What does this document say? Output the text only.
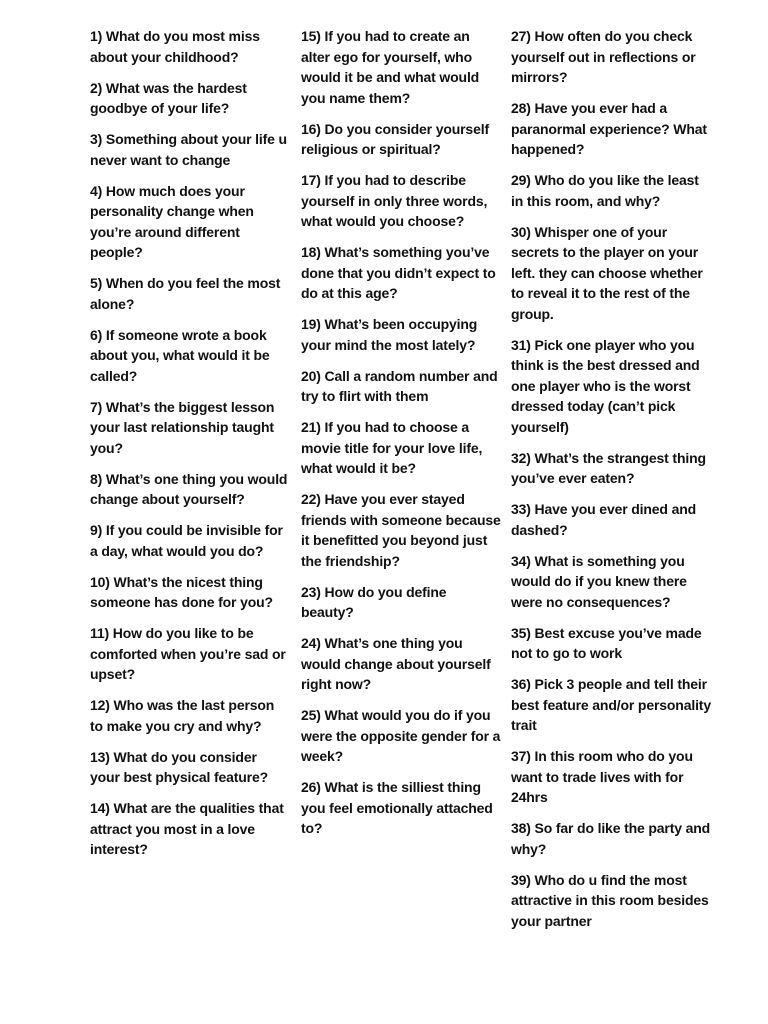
1) What do you most miss about your childhood?

2) What was the hardest goodbye of your life?

3) Something about your life u never want to change

4) How much does your personality change when you’re around different people?

5) When do you feel the most alone?

6) If someone wrote a book about you, what would it be called?

7) What’s the biggest lesson your last relationship taught you?

8) What’s one thing you would change about yourself?

9) If you could be invisible for a day, what would you do?

10) What’s the nicest thing someone has done for you?

11) How do you like to be comforted when you’re sad or upset?

12) Who was the last person to make you cry and why?

13) What do you consider your best physical feature?

14) What are the qualities that attract you most in a love interest?

15) If you had to create an alter ego for yourself, who would it be and what would you name them?

16) Do you consider yourself religious or spiritual?

17) If you had to describe yourself in only three words, what would you choose?

18) What’s something you’ve done that you didn’t expect to do at this age?

19) What’s been occupying your mind the most lately?

20) Call a random number and try to flirt with them

21) If you had to choose a movie title for your love life, what would it be?

22) Have you ever stayed friends with someone because it benefitted you beyond just the friendship?

23) How do you define beauty?

24) What’s one thing you would change about yourself right now?

25) What would you do if you were the opposite gender for a week?

26) What is the silliest thing you feel emotionally attached to?

27) How often do you check yourself out in reflections or mirrors?

28) Have you ever had a paranormal experience? What happened?

29) Who do you like the least in this room, and why?

30) Whisper one of your secrets to the player on your left. they can choose whether to reveal it to the rest of the group.

31) Pick one player who you think is the best dressed and one player who is the worst dressed today (can’t pick yourself)

32) What’s the strangest thing you’ve ever eaten?

33) Have you ever dined and dashed?

34) What is something you would do if you knew there were no consequences?

35) Best excuse you’ve made not to go to work

36) Pick 3 people and tell their best feature and/or personality trait

37) In this room who do you want to trade lives with for 24hrs

38) So far do like the party and why?

39) Who do u find the most attractive in this room besides your partner
